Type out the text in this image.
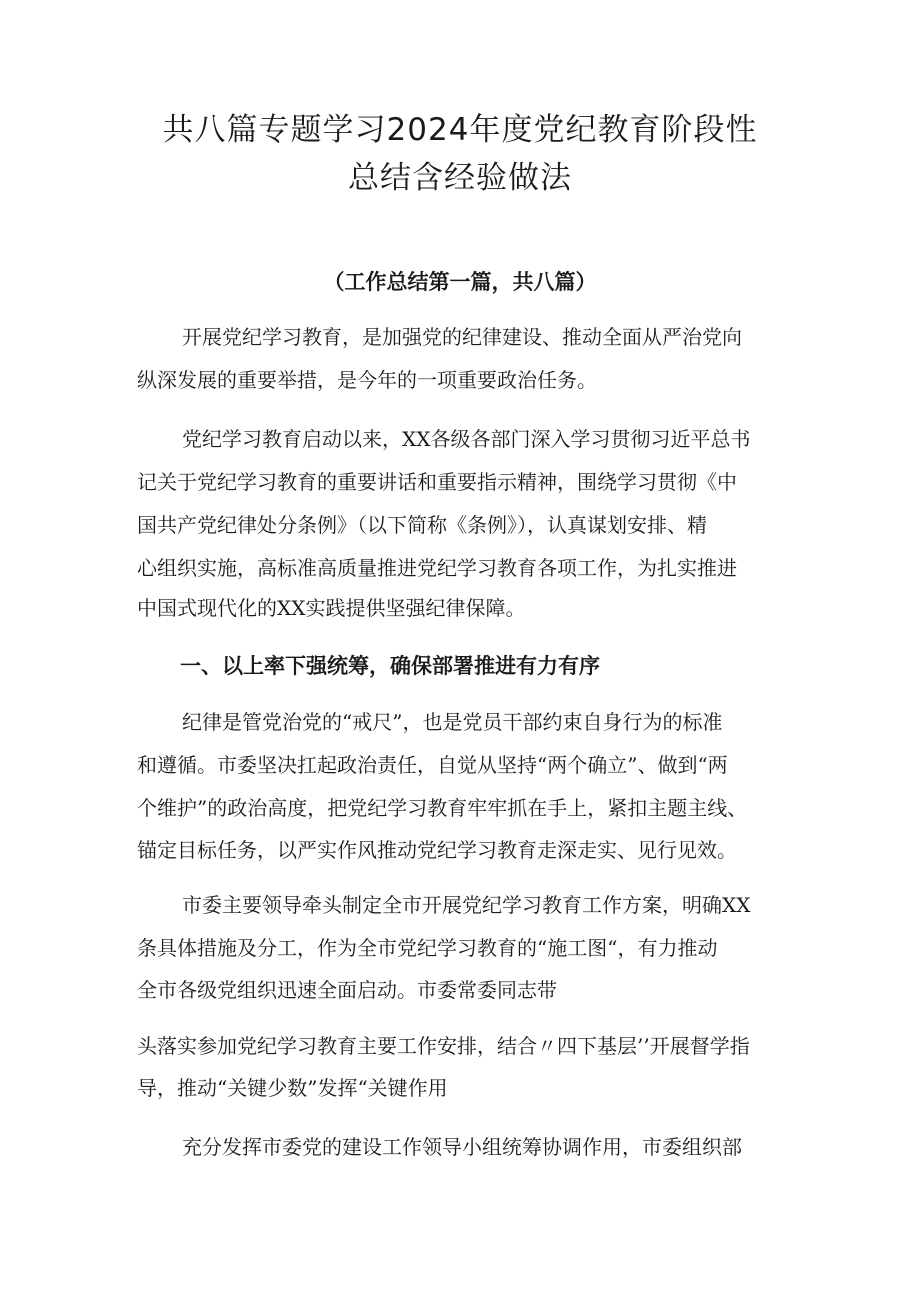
共八篇专题学习2024年度党纪教育阶段性
总结含经验做法
（工作总结第一篇，共八篇）
开展党纪学习教育，是加强党的纪律建设、推动全面从严治党向
纵深发展的重要举措，是今年的一项重要政治任务。
党纪学习教育启动以来，XX各级各部门深入学习贯彻习近平总书
记关于党纪学习教育的重要讲话和重要指示精神，围绕学习贯彻《中
国共产党纪律处分条例》（以下简称《条例》），认真谋划安排、精
心组织实施，高标准高质量推进党纪学习教育各项工作，为扎实推进
中国式现代化的XX实践提供坚强纪律保障。
一、以上率下强统筹，确保部署推进有力有序
纪律是管党治党的“戒尺”，也是党员干部约束自身行为的标准
和遵循。市委坚决扛起政治责任，自觉从坚持“两个确立”、做到“两
个维护”的政治高度，把党纪学习教育牢牢抓在手上，紧扣主题主线、
锚定目标任务，以严实作风推动党纪学习教育走深走实、见行见效。
市委主要领导牵头制定全市开展党纪学习教育工作方案，明确XX
条具体措施及分工，作为全市党纪学习教育的“施工图“，有力推动
全市各级党组织迅速全面启动。市委常委同志带
头落实参加党纪学习教育主要工作安排，结合〃四下基层’’开展督学指
导，推动“关键少数”发挥“关键作用
充分发挥市委党的建设工作领导小组统筹协调作用，市委组织部
